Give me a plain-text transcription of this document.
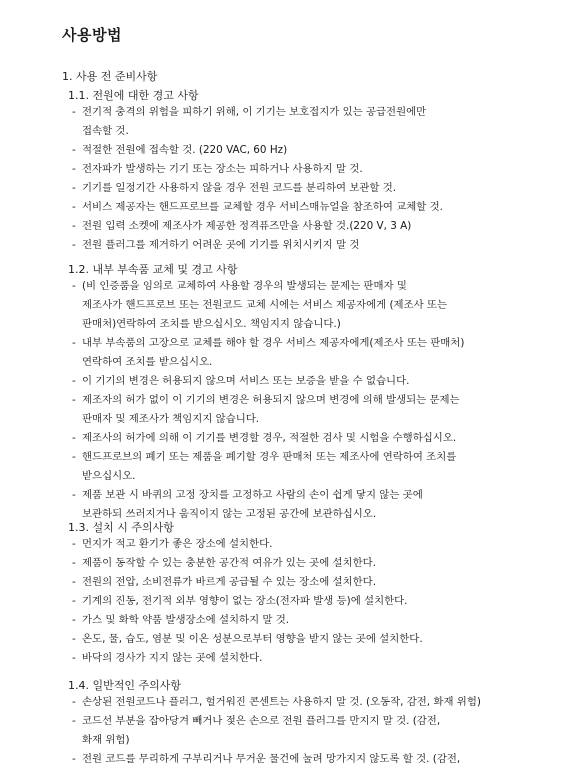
사용방법
1. 사용 전 준비사항
1.1. 전원에 대한 경고 사항
- 전기적 충격의 위험을 피하기 위해, 이 기기는 보호접지가 있는 공급전원에만
접속할 것.
- 적절한 전원에 접속할 것. (220 VAC, 60 Hz)
- 전자파가 발생하는 기기 또는 장소는 피하거나 사용하지 말 것.
- 기기를 일정기간 사용하지 않을 경우 전원 코드를 분리하여 보관할 것.
- 서비스 제공자는 핸드프로브를 교체할 경우 서비스매뉴얼을 참조하여 교체할 것.
- 전원 입력 소켓에 제조사가 제공한 정격퓨즈만을 사용할 것.(220 V, 3 A)
- 전원 플러그를 제거하기 어려운 곳에 기기를 위치시키지 말 것
1.2. 내부 부속품 교체 및 경고 사항
- (비 인증품을 임의로 교체하여 사용할 경우의 발생되는 문제는 판매자 및
제조사가 핸드프로브 또는 전원코드 교체 시에는 서비스 제공자에게 (제조사 또는
판매처)연락하여 조치를 받으십시오. 책임지지 않습니다.)
- 내부 부속품의 고장으로 교체를 해야 할 경우 서비스 제공자에게(제조사 또는 판매처)
연락하여 조치를 받으십시오.
- 이 기기의 변경은 허용되지 않으며 서비스 또는 보증을 받을 수 없습니다.
- 제조자의 허가 없이 이 기기의 변경은 허용되지 않으며 변경에 의해 발생되는 문제는
판매자 및 제조사가 책임지지 않습니다.
- 제조사의 허가에 의해 이 기기를 변경할 경우, 적절한 검사 및 시험을 수행하십시오.
- 핸드프로브의 폐기 또는 제품을 폐기할 경우 판매처 또는 제조사에 연락하여 조치를
받으십시오.
- 제품 보관 시 바퀴의 고정 장치를 고정하고 사람의 손이 쉽게 닿지 않는 곳에
보관하되 쓰러지거나 움직이지 않는 고정된 공간에 보관하십시오.
1.3. 설치 시 주의사항
- 먼지가 적고 환기가 좋은 장소에 설치한다.
- 제품이 동작할 수 있는 충분한 공간적 여유가 있는 곳에 설치한다.
- 전원의 전압, 소비전류가 바르게 공급될 수 있는 장소에 설치한다.
- 기계의 진동, 전기적 외부 영향이 없는 장소(전자파 발생 등)에 설치한다.
- 가스 및 화학 약품 발생장소에 설치하지 말 것.
- 온도, 물, 습도, 염분 및 이온 성분으로부터 영향을 받지 않는 곳에 설치한다.
- 바닥의 경사가 지지 않는 곳에 설치한다.
1.4. 일반적인 주의사항
- 손상된 전원코드나 플러그, 헐거워진 콘센트는 사용하지 말 것. (오동작, 감전, 화재 위험)
- 코드선 부분을 잡아당겨 빼거나 젖은 손으로 전원 플러그를 만지지 말 것. (감전,
화재 위험)
- 전원 코드를 무리하게 구부리거나 무거운 물건에 눌려 망가지지 않도록 할 것. (감전,
